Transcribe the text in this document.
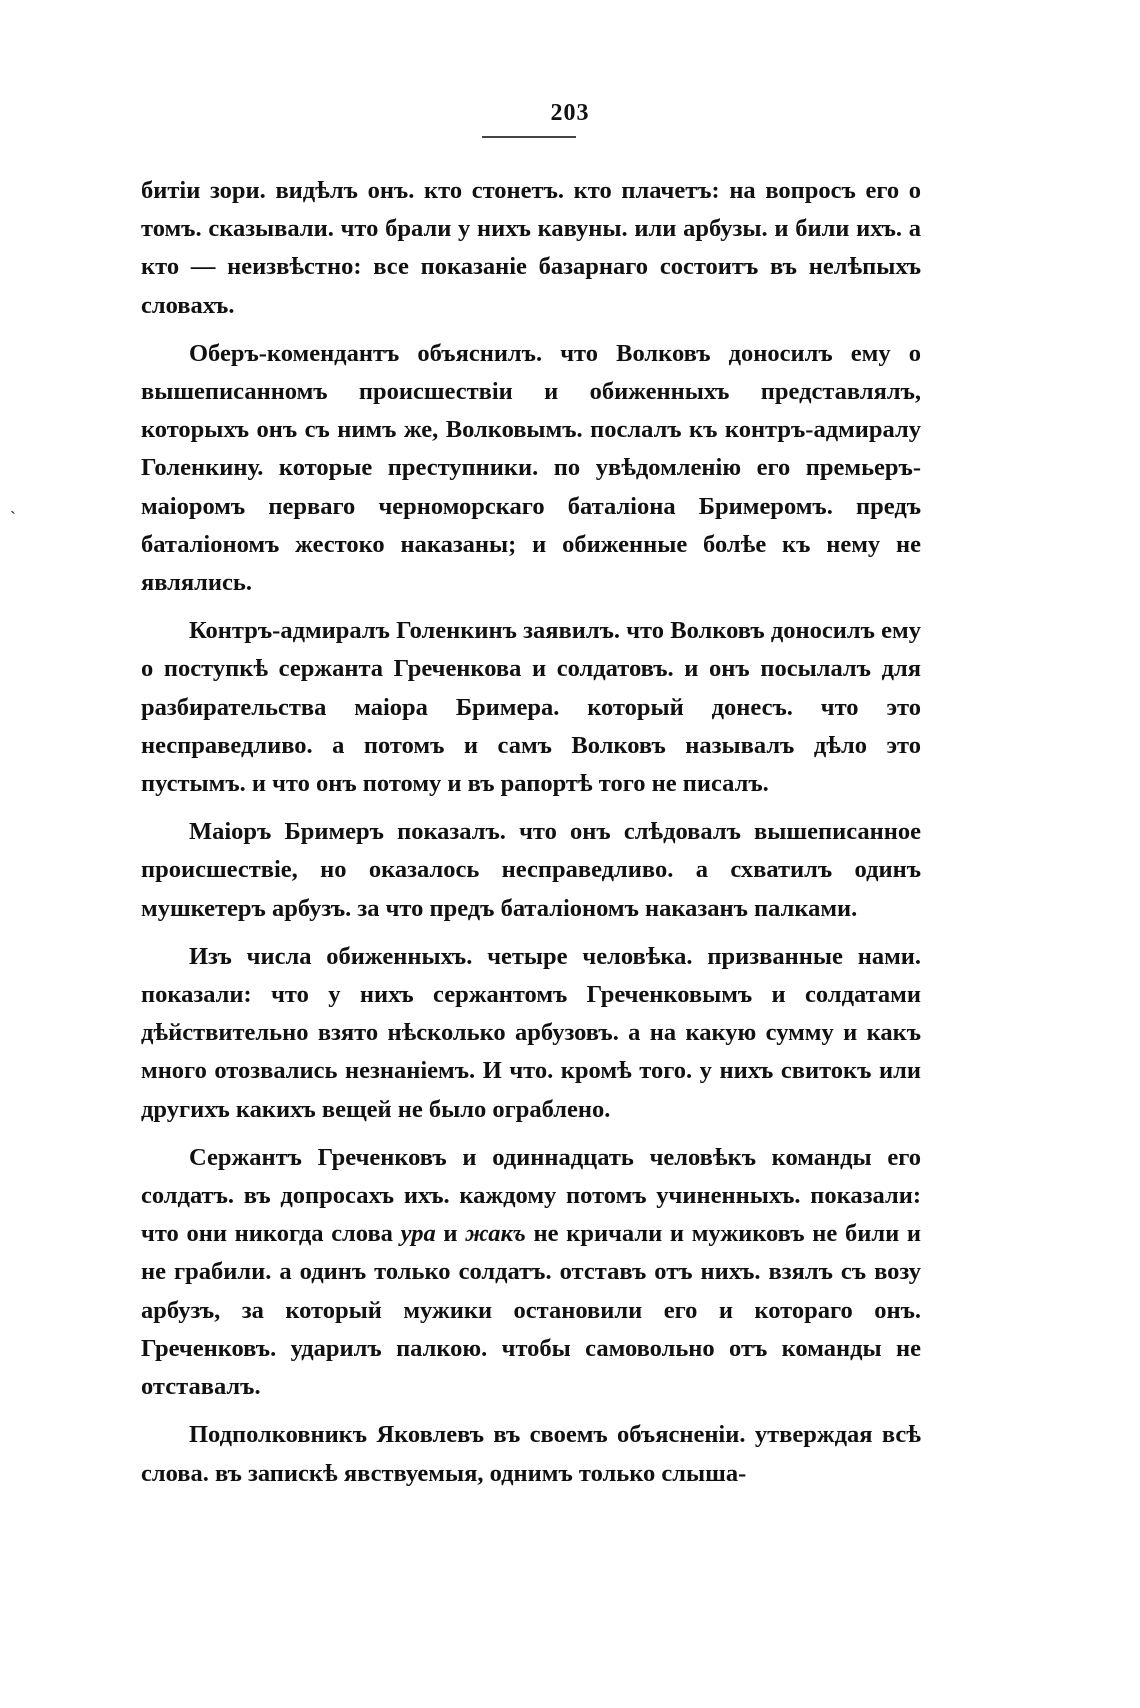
203
ˎ

битіи зори. видѣлъ онъ. кто стонетъ. кто плачетъ: на вопросъ его о томъ. сказывали. что брали у нихъ кавуны. или арбузы. и били ихъ. а кто — неизвѣстно: все показаніе базарнаго состоитъ въ нелѣпыхъ словахъ.

Оберъ-комендантъ объяснилъ. что Волковъ доносилъ ему о вышеписанномъ происшествіи и обиженныхъ представлялъ, которыхъ онъ съ нимъ же, Волковымъ. послалъ къ контръ-адмиралу Голенкину. которые преступники. по увѣдомленію его премьеръ-маіоромъ перваго черноморскаго баталіона Бримеромъ. предъ баталіономъ жестоко наказаны; и обиженные болѣе къ нему не являлись.

Контръ-адмиралъ Голенкинъ заявилъ. что Волковъ доносилъ ему о поступкѣ сержанта Греченкова и солдатовъ. и онъ посылалъ для разбирательства маіора Бримера. который донесъ. что это несправедливо. а потомъ и самъ Волковъ называлъ дѣло это пустымъ. и что онъ потому и въ рапортѣ того не писалъ.

Маіоръ Бримеръ показалъ. что онъ слѣдовалъ вышеписанное происшествіе, но оказалось несправедливо. а схватилъ одинъ мушкетеръ арбузъ. за что предъ баталіономъ наказанъ палками.

Изъ числа обиженныхъ. четыре человѣка. призванные нами. показали: что у нихъ сержантомъ Греченковымъ и солдатами дѣйствительно взято нѣсколько арбузовъ. а на какую сумму и какъ много отозвались незнаніемъ. И что. кромѣ того. у нихъ свитокъ или другихъ какихъ вещей не было ограблено.

Сержантъ Греченковъ и одиннадцать человѣкъ команды его солдатъ. въ допросахъ ихъ. каждому потомъ учиненныхъ. показали: что они никогда слова ура и жакъ не кричали и мужиковъ не били и не грабили. а одинъ только солдатъ. отставъ отъ нихъ. взялъ съ возу арбузъ, за который мужики остановили его и котораго онъ. Греченковъ. ударилъ палкою. чтобы самовольно отъ команды не отставалъ.

Подполковникъ Яковлевъ въ своемъ объясненіи. утверждая всѣ слова. въ запискѣ явствуемыя, однимъ только слыша-
